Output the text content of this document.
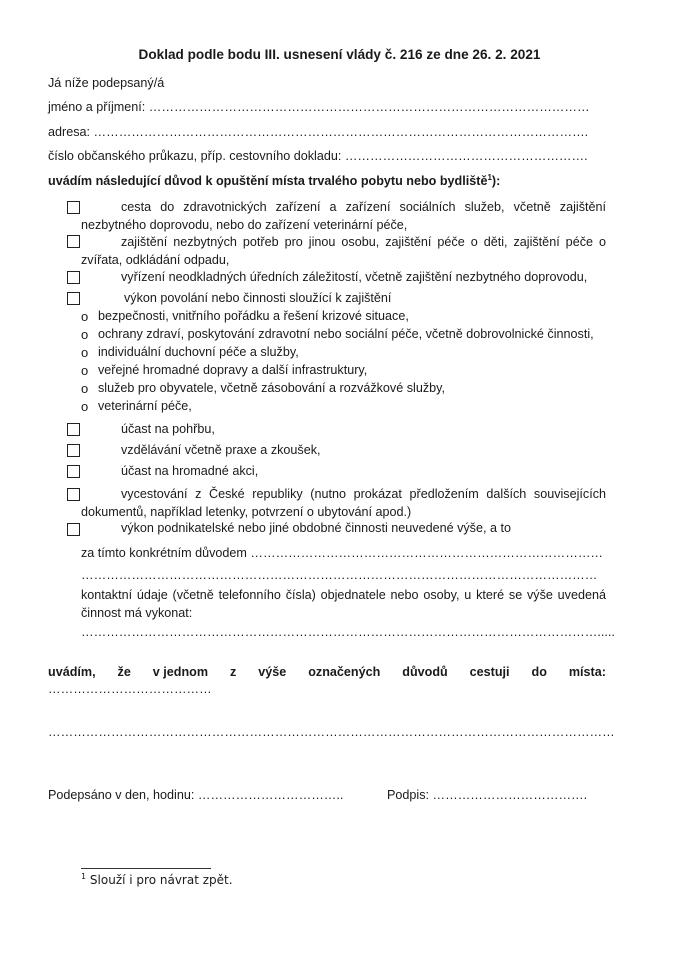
Doklad podle bodu III. usnesení vlády č. 216 ze dne 26. 2. 2021
Já níže podepsaný/á
jméno a příjmení: ……………………………………………………………………………………………
adresa: ……………………………………………………………………………………………………….
číslo občanského průkazu, příp. cestovního dokladu: ………………………………………………….
uvádím následující důvod k opuštění místa trvalého pobytu nebo bydliště$^1$):
cesta do zdravotnických zařízení a zařízení sociálních služeb, včetně zajištění nezbytného doprovodu, nebo do zařízení veterinární péče,
zajištění nezbytných potřeb pro jinou osobu, zajištění péče o děti, zajištění péče o zvířata, odkládání odpadu,
vyřízení neodkladných úředních záležitostí, včetně zajištění nezbytného doprovodu,
výkon povolání nebo činnosti sloužící k zajištění
o bezpečnosti, vnitřního pořádku a řešení krizové situace,
o ochrany zdraví, poskytování zdravotní nebo sociální péče, včetně dobrovolnické činnosti,
o individuální duchovní péče a služby,
o veřejné hromadné dopravy a další infrastruktury,
o služeb pro obyvatele, včetně zásobování a rozvážkové služby,
o veterinární péče,
účast na pohřbu,
vzdělávání včetně praxe a zkoušek,
účast na hromadné akci,
vycestování z České republiky (nutno prokázat předložením dalších souvisejících dokumentů, například letenky, potvrzení o ubytování apod.)
výkon podnikatelské nebo jiné obdobné činnosti neuvedené výše, a to
za tímto konkrétním důvodem …………………………………………………………………………
……………………………………………………………………………………………………………
kontaktní údaje (včetně telefonního čísla) objednatele nebo osoby, u které se výše uvedená činnost má vykonat:
…………………………………………………………………………………………………………….....
uvádím, že v jednom z výše označených důvodů cestuji do místa:
…………………………………
………………………………………………………………………………………………………………………
Podepsáno v den, hodinu: ……………………………..	Podpis: ……………………………….
$^1$ Slouží i pro návrat zpět.
